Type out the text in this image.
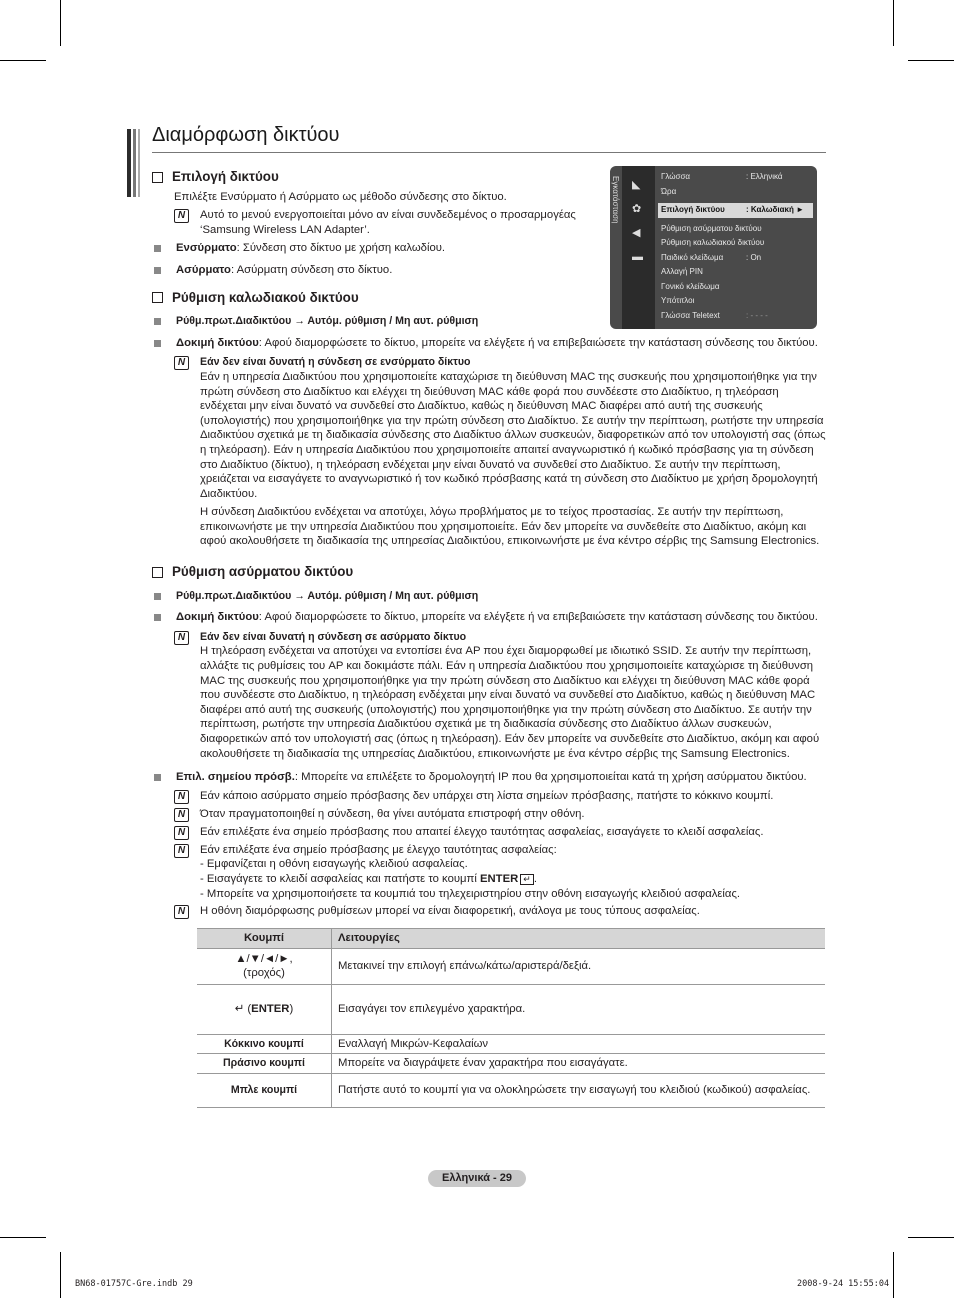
Διαμόρφωση δικτύου
Εγκατάσταση ◣
✿
◀
▬
Γλώσσα	: Ελληνικά
Ώρα
Επιλογή δικτύου	: Καλωδιακή ►
Ρύθμιση ασύρματου δικτύου
Ρύθμιση καλωδιακού δικτύου
Παιδικό κλείδωμα	: On
Αλλαγή PIN
Γονικό κλείδωμα
Υπότιτλοι
Γλώσσα Teletext	: - - - -
Επιλογή δικτύου

Επιλέξτε Ενσύρματο ή Ασύρματο ως μέθοδο σύνδεσης στο δίκτυο.

N	Αυτό το μενού ενεργοποιείται μόνο αν είναι συνδεδεμένος ο προσαρμογέας ‘Samsung Wireless LAN Adapter’.
Ενσύρματο: Σύνδεση στο δίκτυο με χρήση καλωδίου.
Ασύρματο: Ασύρματη σύνδεση στο δίκτυο.
Ρύθμιση καλωδιακού δικτύου
Ρύθμ.πρωτ.Διαδικτύου → Αυτόμ. ρύθμιση / Μη αυτ. ρύθμιση
Δοκιμή δικτύου: Αφού διαμορφώσετε το δίκτυο, μπορείτε να ελέγξετε ή να επιβεβαιώσετε την κατάσταση σύνδεσης του δικτύου.
N	Εάν δεν είναι δυνατή η σύνδεση σε ενσύρματο δίκτυο
Εάν η υπηρεσία Διαδικτύου που χρησιμοποιείτε καταχώρισε τη διεύθυνση MAC της συσκευής που χρησιμοποιήθηκε για την πρώτη σύνδεση στο Διαδίκτυο και ελέγχει τη διεύθυνση MAC κάθε φορά που συνδέεστε στο Διαδίκτυο, η τηλεόραση ενδέχεται μην είναι δυνατό να συνδεθεί στο Διαδίκτυο, καθώς η διεύθυνση MAC διαφέρει από αυτή της συσκευής (υπολογιστής) που χρησιμοποιήθηκε για την πρώτη σύνδεση στο Διαδίκτυο. Σε αυτήν την περίπτωση, ρωτήστε την υπηρεσία Διαδικτύου σχετικά με τη διαδικασία σύνδεσης στο Διαδίκτυο άλλων συσκευών, διαφορετικών από τον υπολογιστή σας (όπως η τηλεόραση). Εάν η υπηρεσία Διαδικτύου που χρησιμοποιείτε απαιτεί αναγνωριστικό ή κωδικό πρόσβασης για τη σύνδεση στο Διαδίκτυο (δίκτυο), η τηλεόραση ενδέχεται μην είναι δυνατό να συνδεθεί στο Διαδίκτυο. Σε αυτήν την περίπτωση, χρειάζεται να εισαγάγετε το αναγνωριστικό ή τον κωδικό πρόσβασης κατά τη σύνδεση στο Διαδίκτυο με χρήση δρομολογητή Διαδικτύου.
Η σύνδεση Διαδικτύου ενδέχεται να αποτύχει, λόγω προβλήματος με το τείχος προστασίας. Σε αυτήν την περίπτωση, επικοινωνήστε με την υπηρεσία Διαδικτύου που χρησιμοποιείτε. Εάν δεν μπορείτε να συνδεθείτε στο Διαδίκτυο, ακόμη και αφού ακολουθήσετε τη διαδικασία της υπηρεσίας Διαδικτύου, επικοινωνήστε με ένα κέντρο σέρβις της Samsung Electronics.
Ρύθμιση ασύρματου δικτύου
Ρύθμ.πρωτ.Διαδικτύου → Αυτόμ. ρύθμιση / Μη αυτ. ρύθμιση
Δοκιμή δικτύου: Αφού διαμορφώσετε το δίκτυο, μπορείτε να ελέγξετε ή να επιβεβαιώσετε την κατάσταση σύνδεσης του δικτύου.
N	Εάν δεν είναι δυνατή η σύνδεση σε ασύρματο δίκτυο
Η τηλεόραση ενδέχεται να αποτύχει να εντοπίσει ένα AP που έχει διαμορφωθεί με ιδιωτικό SSID. Σε αυτήν την περίπτωση, αλλάξτε τις ρυθμίσεις του AP και δοκιμάστε πάλι. Εάν η υπηρεσία Διαδικτύου που χρησιμοποιείτε καταχώρισε τη διεύθυνση MAC της συσκευής που χρησιμοποιήθηκε για την πρώτη σύνδεση στο Διαδίκτυο και ελέγχει τη διεύθυνση MAC κάθε φορά που συνδέεστε στο Διαδίκτυο, η τηλεόραση ενδέχεται μην είναι δυνατό να συνδεθεί στο Διαδίκτυο, καθώς η διεύθυνση MAC διαφέρει από αυτή της συσκευής (υπολογιστής) που χρησιμοποιήθηκε για την πρώτη σύνδεση στο Διαδίκτυο. Σε αυτήν την περίπτωση, ρωτήστε την υπηρεσία Διαδικτύου σχετικά με τη διαδικασία σύνδεσης στο Διαδίκτυο άλλων συσκευών, διαφορετικών από τον υπολογιστή σας (όπως η τηλεόραση). Εάν δεν μπορείτε να συνδεθείτε στο Διαδίκτυο, ακόμη και αφού ακολουθήσετε τη διαδικασία της υπηρεσίας Διαδικτύου, επικοινωνήστε με ένα κέντρο σέρβις της Samsung Electronics.
Επιλ. σημείου πρόσβ.: Μπορείτε να επιλέξετε το δρομολογητή IP που θα χρησιμοποιείται κατά τη χρήση ασύρματου δικτύου.
N	Εάν κάποιο ασύρματο σημείο πρόσβασης δεν υπάρχει στη λίστα σημείων πρόσβασης, πατήστε το κόκκινο κουμπί.
N	Όταν πραγματοποιηθεί η σύνδεση, θα γίνει αυτόματα επιστροφή στην οθόνη.
N	Εάν επιλέξατε ένα σημείο πρόσβασης που απαιτεί έλεγχο ταυτότητας ασφαλείας, εισαγάγετε το κλειδί ασφαλείας.
N	Εάν επιλέξατε ένα σημείο πρόσβασης με έλεγχο ταυτότητας ασφαλείας:
- Εμφανίζεται η οθόνη εισαγωγής κλειδιού ασφαλείας.
- Εισαγάγετε το κλειδί ασφαλείας και πατήστε το κουμπί ENTER ↵ .
- Μπορείτε να χρησιμοποιήσετε τα κουμπιά του τηλεχειριστηρίου στην οθόνη εισαγωγής κλειδιού ασφαλείας.
N	Η οθόνη διαμόρφωσης ρυθμίσεων μπορεί να είναι διαφορετική, ανάλογα με τους τύπους ασφαλείας.
Κουμπί	Λειτουργίες

▲/▼/◄/►,
(τροχός)	Μετακινεί την επιλογή επάνω/κάτω/αριστερά/δεξιά.
↵ (ENTER)	Εισαγάγει τον επιλεγμένο χαρακτήρα.
Κόκκινο κουμπί	Εναλλαγή Μικρών-Κεφαλαίων
Πράσινο κουμπί	Μπορείτε να διαγράψετε έναν χαρακτήρα που εισαγάγατε.
Μπλε κουμπί	Πατήστε αυτό το κουμπί για να ολοκληρώσετε την εισαγωγή του κλειδιού (κωδικού) ασφαλείας.
Ελληνικά - 29
BN68-01757C-Gre.indb 29	2008-9-24 15:55:04
